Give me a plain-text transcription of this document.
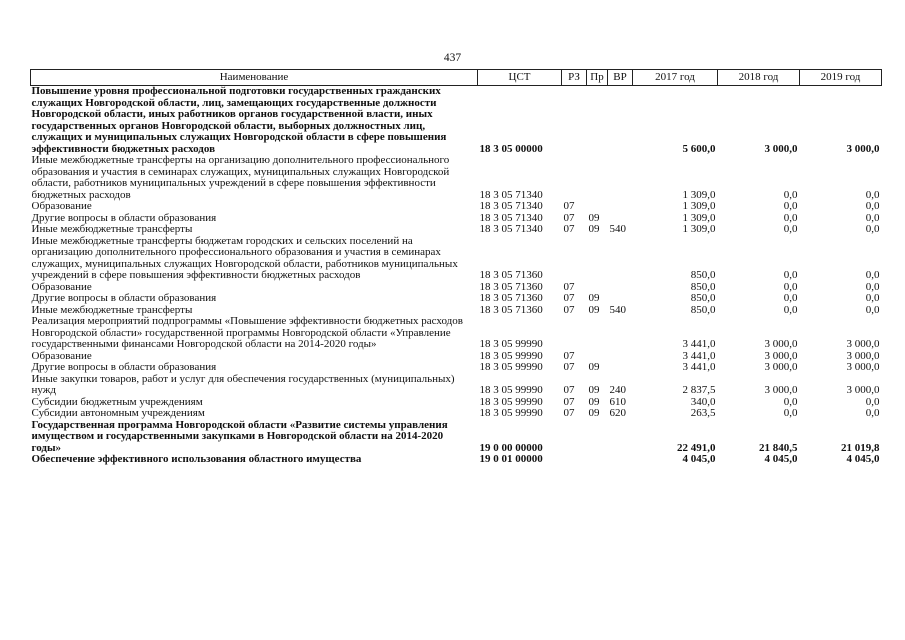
437
Наименование	ЦСТ	РЗ	Пр	ВР	2017 год	2018 год	2019 год
Повышение уровня профессиональной подготовки государственных гражданских служащих Новгородской области, лиц, замещающих государственные должности Новгородской области, иных работников органов государственной власти, иных государственных органов Новгородской области, выборных должностных лиц, служащих и муниципальных служащих Новгородской области в сфере повышения эффективности бюджетных расходов	18 3 05 00000				5 600,0	3 000,0	3 000,0
Иные межбюджетные трансферты на организацию дополнительного профессионального образования и участия в семинарах служащих, муниципальных служащих Новгородской области, работников муниципальных учреждений в сфере повышения эффективности бюджетных расходов	18 3 05 71340				1 309,0	0,0	0,0
Образование	18 3 05 71340	07			1 309,0	0,0	0,0
Другие вопросы в области образования	18 3 05 71340	07	09		1 309,0	0,0	0,0
Иные межбюджетные трансферты	18 3 05 71340	07	09	540	1 309,0	0,0	0,0
Иные межбюджетные трансферты бюджетам городских и сельских поселений на организацию дополнительного профессионального образования и участия в семинарах служащих, муниципальных служащих Новгородской области, работников муниципальных учреждений в сфере повышения эффективности бюджетных расходов	18 3 05 71360				850,0	0,0	0,0
Образование	18 3 05 71360	07			850,0	0,0	0,0
Другие вопросы в области образования	18 3 05 71360	07	09		850,0	0,0	0,0
Иные межбюджетные трансферты	18 3 05 71360	07	09	540	850,0	0,0	0,0
Реализация мероприятий подпрограммы «Повышение эффективности бюджетных расходов Новгородской области» государственной программы Новгородской области «Управление государственными финансами Новгородской области на 2014-2020 годы»	18 3 05 99990				3 441,0	3 000,0	3 000,0
Образование	18 3 05 99990	07			3 441,0	3 000,0	3 000,0
Другие вопросы в области образования	18 3 05 99990	07	09		3 441,0	3 000,0	3 000,0
Иные закупки товаров, работ и услуг для обеспечения государственных (муниципальных) нужд	18 3 05 99990	07	09	240	2 837,5	3 000,0	3 000,0
Субсидии бюджетным учреждениям	18 3 05 99990	07	09	610	340,0	0,0	0,0
Субсидии автономным учреждениям	18 3 05 99990	07	09	620	263,5	0,0	0,0
Государственная программа Новгородской области «Развитие системы управления имуществом и государственными закупками в Новгородской области на 2014-2020 годы»	19 0 00 00000				22 491,0	21 840,5	21 019,8
Обеспечение эффективного использования областного имущества	19 0 01 00000				4 045,0	4 045,0	4 045,0
